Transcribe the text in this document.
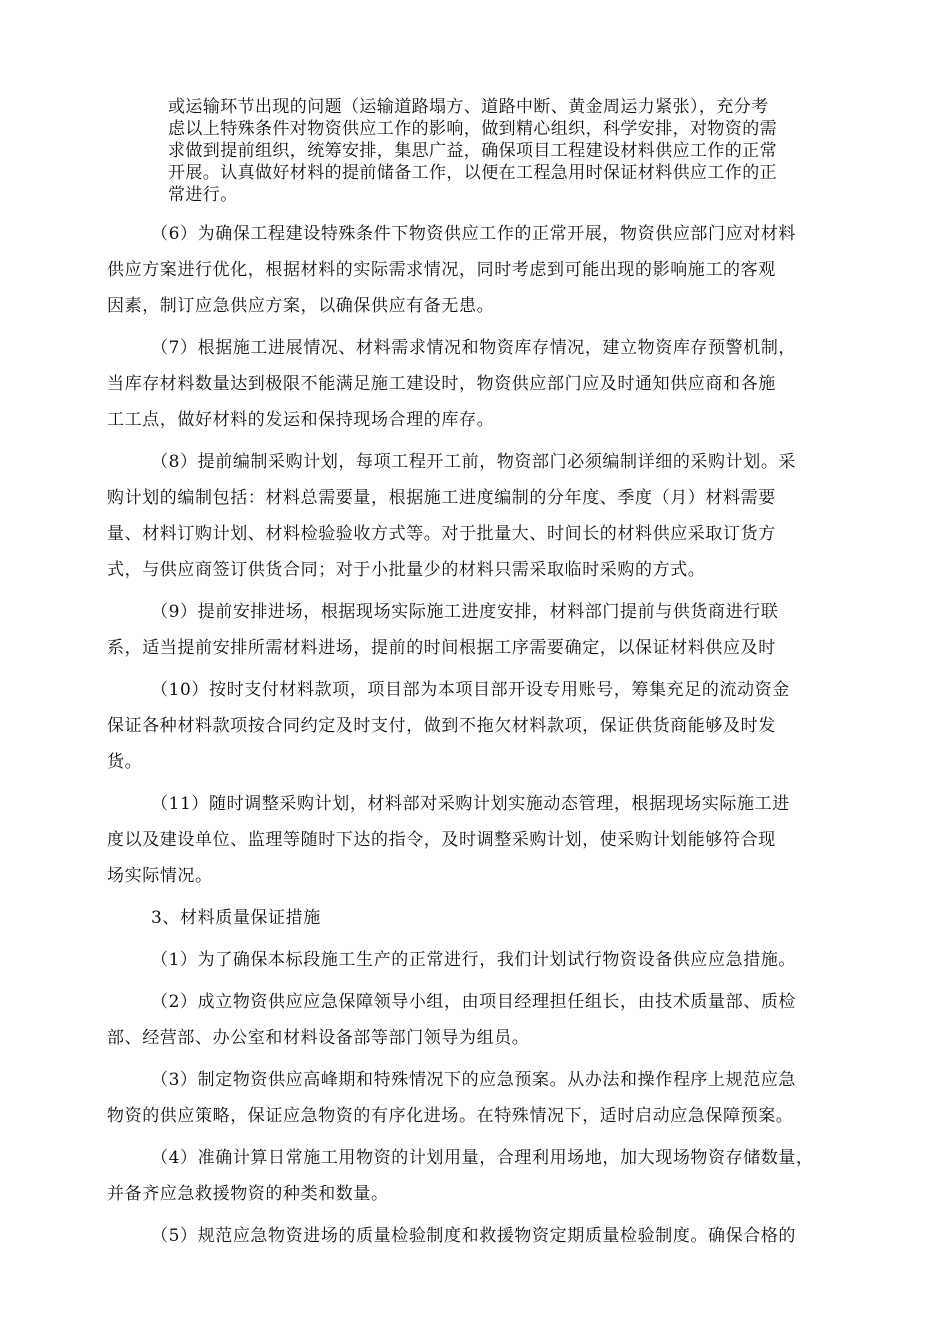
或运输环节出现的问题（运输道路塌方、道路中断、黄金周运力紧张），充分考
虑以上特殊条件对物资供应工作的影响，做到精心组织，科学安排，对物资的需
求做到提前组织，统筹安排，集思广益，确保项目工程建设材料供应工作的正常
开展。认真做好材料的提前储备工作，以便在工程急用时保证材料供应工作的正
常进行。

（6）为确保工程建设特殊条件下物资供应工作的正常开展，物资供应部门应对材料
供应方案进行优化，根据材料的实际需求情况，同时考虑到可能出现的影响施工的客观
因素，制订应急供应方案，以确保供应有备无患。

（7）根据施工进展情况、材料需求情况和物资库存情况，建立物资库存预警机制，
当库存材料数量达到极限不能满足施工建设时，物资供应部门应及时通知供应商和各施
工工点，做好材料的发运和保持现场合理的库存。

（8）提前编制采购计划，每项工程开工前，物资部门必须编制详细的采购计划。采
购计划的编制包括：材料总需要量，根据施工进度编制的分年度、季度（月）材料需要
量、材料订购计划、材料检验验收方式等。对于批量大、时间长的材料供应采取订货方
式，与供应商签订供货合同；对于小批量少的材料只需采取临时采购的方式。

（9）提前安排进场，根据现场实际施工进度安排，材料部门提前与供货商进行联
系，适当提前安排所需材料进场，提前的时间根据工序需要确定，以保证材料供应及时

（10）按时支付材料款项，项目部为本项目部开设专用账号，筹集充足的流动资金
保证各种材料款项按合同约定及时支付，做到不拖欠材料款项，保证供货商能够及时发
货。

（11）随时调整采购计划，材料部对采购计划实施动态管理，根据现场实际施工进
度以及建设单位、监理等随时下达的指令，及时调整采购计划，使采购计划能够符合现
场实际情况。

3、材料质量保证措施

（1）为了确保本标段施工生产的正常进行，我们计划试行物资设备供应应急措施。

（2）成立物资供应应急保障领导小组，由项目经理担任组长，由技术质量部、质检
部、经营部、办公室和材料设备部等部门领导为组员。

（3）制定物资供应高峰期和特殊情况下的应急预案。从办法和操作程序上规范应急
物资的供应策略，保证应急物资的有序化进场。在特殊情况下，适时启动应急保障预案。

（4）准确计算日常施工用物资的计划用量，合理利用场地，加大现场物资存储数量，
并备齐应急救援物资的种类和数量。

（5）规范应急物资进场的质量检验制度和救援物资定期质量检验制度。确保合格的
